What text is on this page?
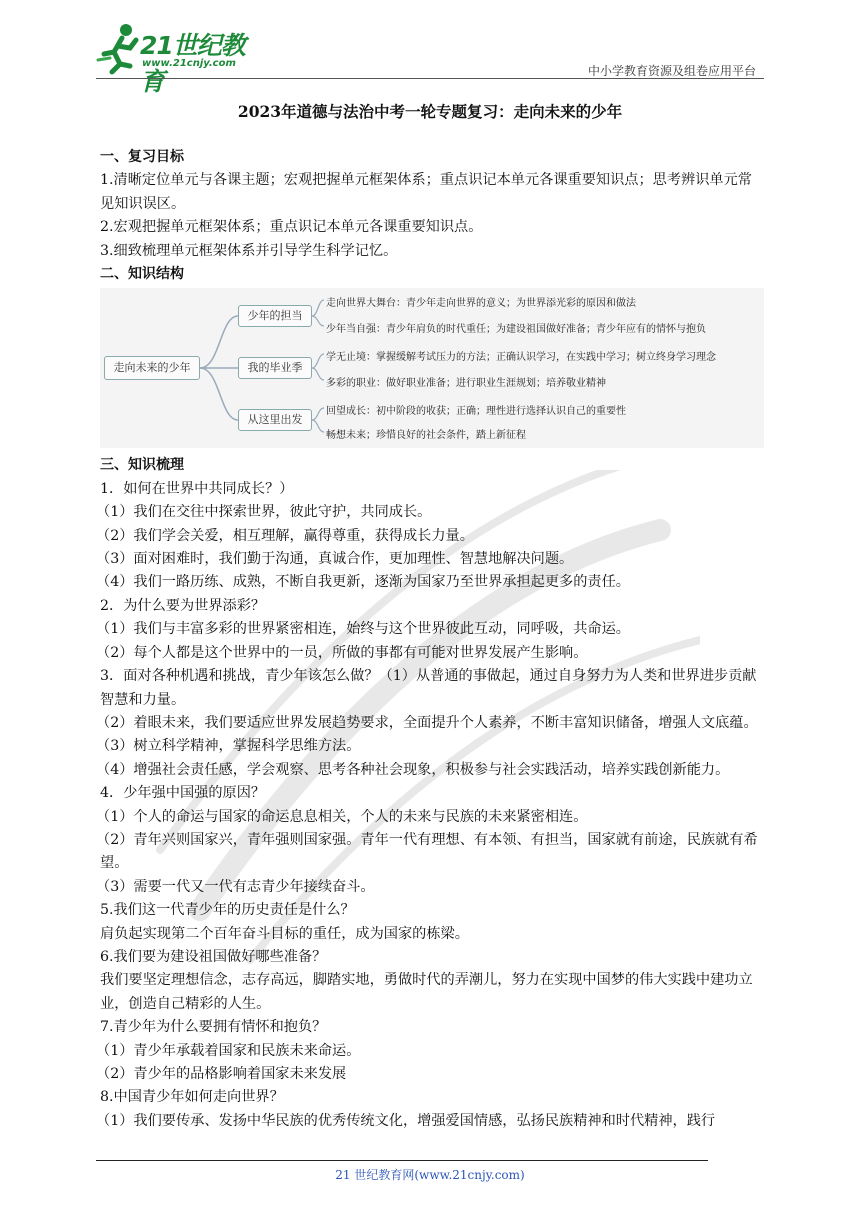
21世纪教育
www.21cnjy.com
中小学教育资源及组卷应用平台
2023年道德与法治中考一轮专题复习：走向未来的少年

一、复习目标

1.清晰定位单元与各课主题；宏观把握单元框架体系；重点识记本单元各课重要知识点；思考辨识单元常见知识误区。

2.宏观把握单元框架体系；重点识记本单元各课重要知识点。

3.细致梳理单元框架体系并引导学生科学记忆。

二、知识结构

走向未来的少年
少年的担当
我的毕业季
从这里出发
走向世界大舞台：青少年走向世界的意义；为世界添光彩的原因和做法
少年当自强：青少年肩负的时代重任；为建设祖国做好准备；青少年应有的情怀与抱负
学无止境：掌握缓解考试压力的方法；正确认识学习，在实践中学习；树立终身学习理念
多彩的职业：做好职业准备；进行职业生涯规划；培养敬业精神
回望成长：初中阶段的收获；正确；理性进行选择认识自己的重要性
畅想未来；珍惜良好的社会条件，踏上新征程

三、知识梳理

1．如何在世界中共同成长？）

（1）我们在交往中探索世界，彼此守护，共同成长。

（2）我们学会关爱，相互理解，赢得尊重，获得成长力量。

（3）面对困难时，我们勤于沟通，真诚合作，更加理性、智慧地解决问题。

（4）我们一路历练、成熟，不断自我更新，逐渐为国家乃至世界承担起更多的责任。

2．为什么要为世界添彩？

（1）我们与丰富多彩的世界紧密相连，始终与这个世界彼此互动，同呼吸，共命运。

（2）每个人都是这个世界中的一员，所做的事都有可能对世界发展产生影响。

3．面对各种机遇和挑战，青少年该怎么做？（1）从普通的事做起，通过自身努力为人类和世界进步贡献智慧和力量。

（2）着眼未来，我们要适应世界发展趋势要求，全面提升个人素养，不断丰富知识储备，增强人文底蕴。

（3）树立科学精神，掌握科学思维方法。

（4）增强社会责任感，学会观察、思考各种社会现象，积极参与社会实践活动，培养实践创新能力。

4．少年强中国强的原因？

（1）个人的命运与国家的命运息息相关，个人的未来与民族的未来紧密相连。

（2）青年兴则国家兴，青年强则国家强。青年一代有理想、有本领、有担当，国家就有前途，民族就有希望。

（3）需要一代又一代有志青少年接续奋斗。

5.我们这一代青少年的历史责任是什么？

肩负起实现第二个百年奋斗目标的重任，成为国家的栋梁。

6.我们要为建设祖国做好哪些准备？

我们要坚定理想信念，志存高远，脚踏实地，勇做时代的弄潮儿，努力在实现中国梦的伟大实践中建功立业，创造自己精彩的人生。

7.青少年为什么要拥有情怀和抱负？

（1）青少年承载着国家和民族未来命运。

（2）青少年的品格影响着国家未来发展

8.中国青少年如何走向世界？

（1）我们要传承、发扬中华民族的优秀传统文化，增强爱国情感，弘扬民族精神和时代精神，践行

21 世纪教育网(www.21cnjy.com)
